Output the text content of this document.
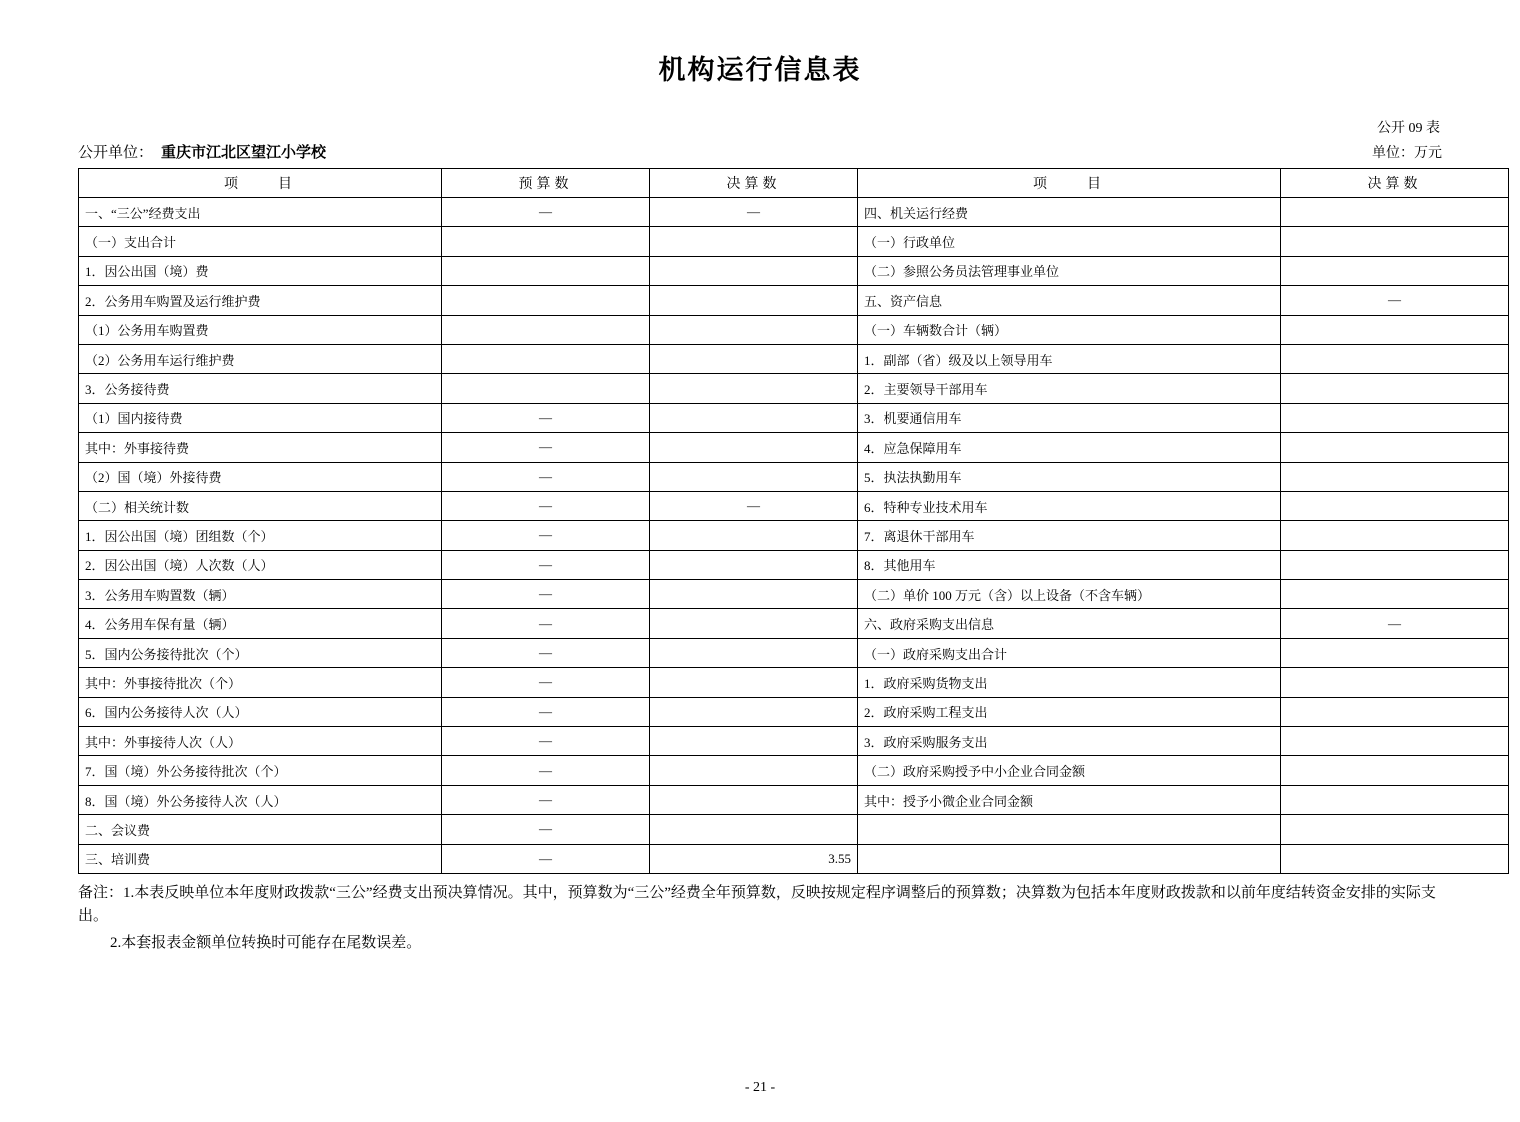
机构运行信息表
公开 09 表
公开单位： 重庆市江北区望江小学校	单位：万元
项　　目	预算数	决算数	项　　目	决算数
一、“三公”经费支出	—	—	四、机关运行经费	
（一）支出合计			（一）行政单位	
1．因公出国（境）费			（二）参照公务员法管理事业单位	
2．公务用车购置及运行维护费			五、资产信息	—
（1）公务用车购置费			（一）车辆数合计（辆）	
（2）公务用车运行维护费			1．副部（省）级及以上领导用车	
3．公务接待费			2．主要领导干部用车	
（1）国内接待费	—		3．机要通信用车	
其中：外事接待费	—		4．应急保障用车	
（2）国（境）外接待费	—		5．执法执勤用车	
（二）相关统计数	—	—	6．特种专业技术用车	
1．因公出国（境）团组数（个）	—		7．离退休干部用车	
2．因公出国（境）人次数（人）	—		8．其他用车	
3．公务用车购置数（辆）	—		（二）单价 100 万元（含）以上设备（不含车辆）	
4．公务用车保有量（辆）	—		六、政府采购支出信息	—
5．国内公务接待批次（个）	—		（一）政府采购支出合计	
其中：外事接待批次（个）	—		1．政府采购货物支出	
6．国内公务接待人次（人）	—		2．政府采购工程支出	
其中：外事接待人次（人）	—		3．政府采购服务支出	
7．国（境）外公务接待批次（个）	—		（二）政府采购授予中小企业合同金额	
8．国（境）外公务接待人次（人）	—		其中：授予小微企业合同金额	
二、会议费	—			
三、培训费	—	3.55		

备注：1.本表反映单位本年度财政拨款“三公”经费支出预决算情况。其中，预算数为“三公”经费全年预算数，反映按规定程序调整后的预算数；决算数为包括本年度财政拨款和以前年度结转资金安排的实际支出。

2.本套报表金额单位转换时可能存在尾数误差。

- 21 -
